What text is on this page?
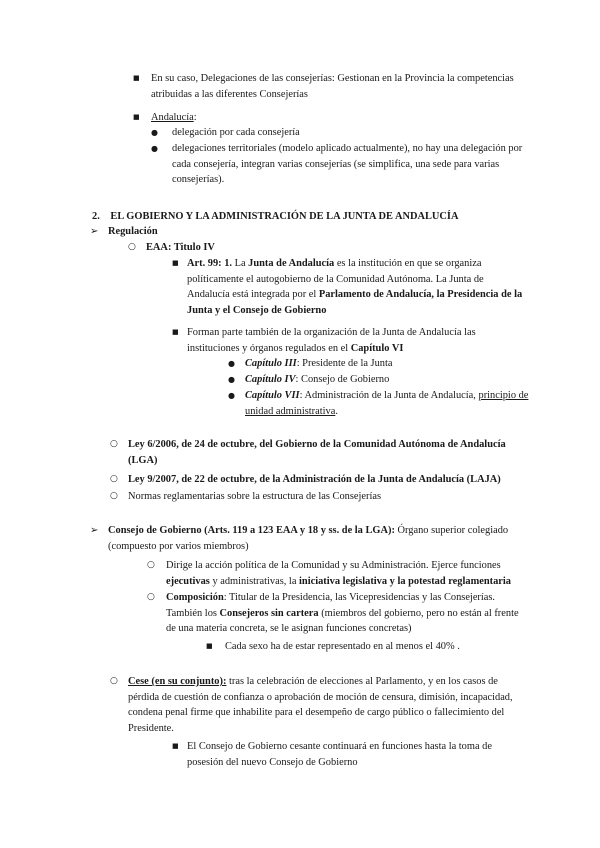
■ En su caso, Delegaciones de las consejerías: Gestionan en la Provincia la competencias atribuidas a las diferentes Consejerías
■ Andalucía:
● delegación por cada consejería
● delegaciones territoriales (modelo aplicado actualmente), no hay una delegación por cada consejería, integran varias consejerías (se simplifica, una sede para varias consejerías).
2. EL GOBIERNO Y LA ADMINISTRACIÓN DE LA JUNTA DE ANDALUCÍA
➢ Regulación
○ EAA: Titulo IV
■ Art. 99: 1. La Junta de Andalucía es la institución en que se organiza políticamente el autogobierno de la Comunidad Autónoma. La Junta de Andalucía está integrada por el Parlamento de Andalucía, la Presidencia de la Junta y el Consejo de Gobierno
■ Forman parte también de la organización de la Junta de Andalucía las instituciones y órganos regulados en el Capítulo VI
● Capítulo III: Presidente de la Junta
● Capítulo IV: Consejo de Gobierno
● Capítulo VII: Administración de la Junta de Andalucía, principio de unidad administrativa.
○ Ley 6/2006, de 24 de octubre, del Gobierno de la Comunidad Autónoma de Andalucía (LGA)
○ Ley 9/2007, de 22 de octubre, de la Administración de la Junta de Andalucía (LAJA)
○ Normas reglamentarias sobre la estructura de las Consejerías
➢ Consejo de Gobierno (Arts. 119 a 123 EAA y 18 y ss. de la LGA): Órgano superior colegiado (compuesto por varios miembros)
○ Dirige la acción política de la Comunidad y su Administración. Ejerce funciones ejecutivas y administrativas, la iniciativa legislativa y la potestad reglamentaria
○ Composición: Titular de la Presidencia, las Vicepresidencias y las Consejerías. También los Consejeros sin cartera (miembros del gobierno, pero no están al frente de una materia concreta, se le asignan funciones concretas)
■ Cada sexo ha de estar representado en al menos el 40% .
○ Cese (en su conjunto): tras la celebración de elecciones al Parlamento, y en los casos de pérdida de cuestión de confianza o aprobación de moción de censura, dimisión, incapacidad, condena penal firme que inhabilite para el desempeño de cargo público o fallecimiento del Presidente.
■ El Consejo de Gobierno cesante continuará en funciones hasta la toma de posesión del nuevo Consejo de Gobierno
